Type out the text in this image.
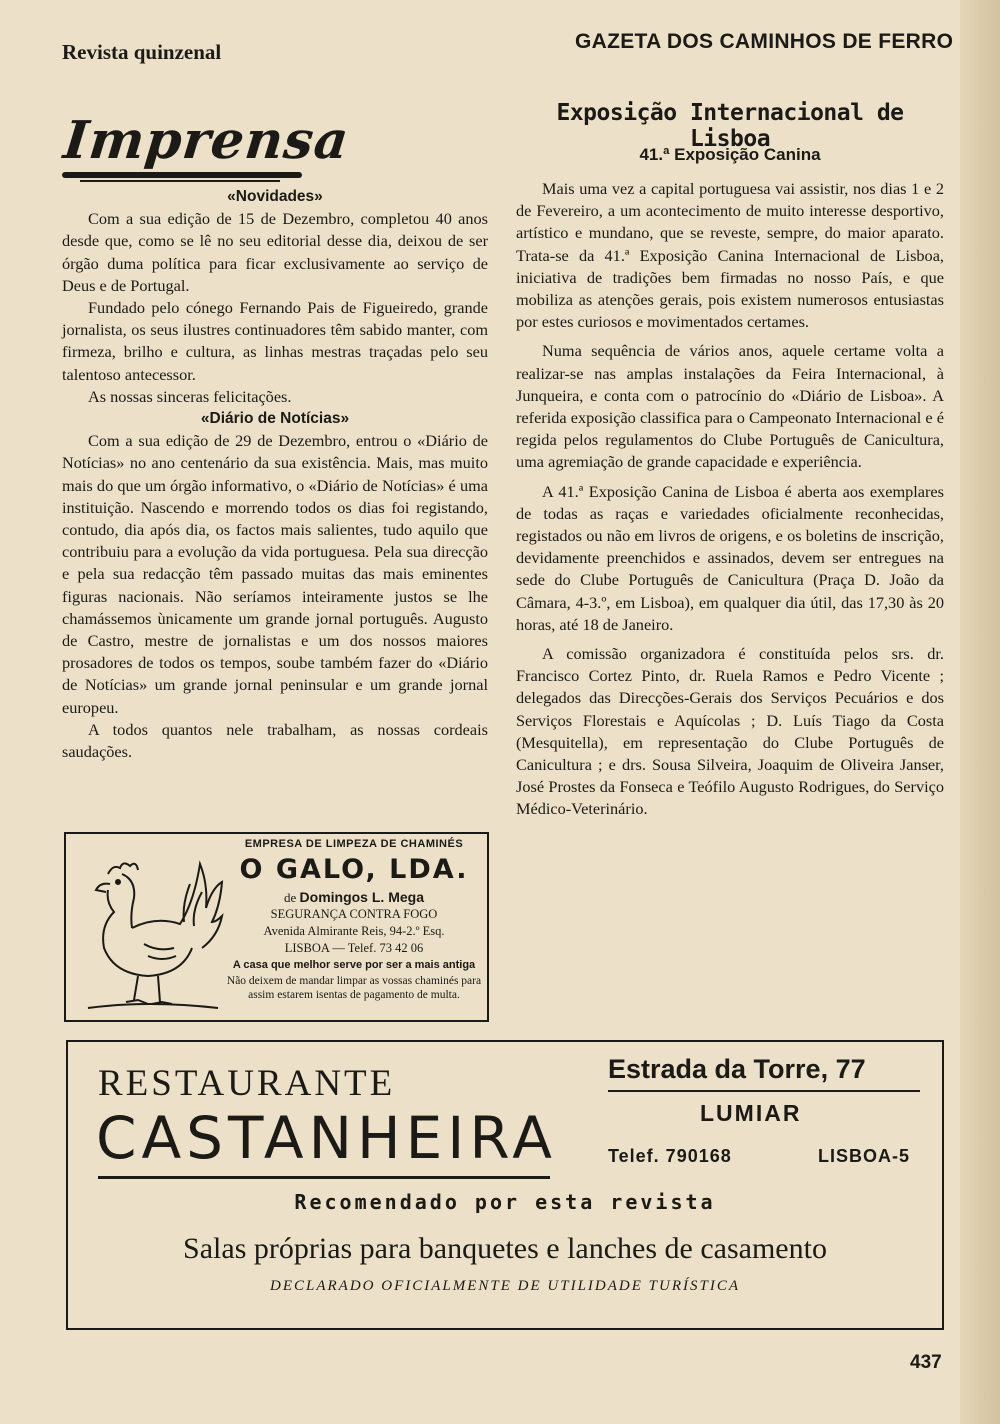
Revista quinzenal	GAZETA DOS CAMINHOS DE FERRO
Imprensa

«Novidades»

Com a sua edição de 15 de Dezembro, completou 40 anos desde que, como se lê no seu editorial desse dia, deixou de ser órgão duma política para ficar exclusivamente ao serviço de Deus e de Portugal.

Fundado pelo cónego Fernando Pais de Figueiredo, grande jornalista, os seus ilustres continuadores têm sabido manter, com firmeza, brilho e cultura, as linhas mestras traçadas pelo seu talentoso antecessor.

As nossas sinceras felicitações.

«Diário de Notícias»

Com a sua edição de 29 de Dezembro, entrou o «Diário de Notícias» no ano centenário da sua existência. Mais, mas muito mais do que um órgão informativo, o «Diário de Notícias» é uma instituição. Nascendo e morrendo todos os dias foi registando, contudo, dia após dia, os factos mais salientes, tudo aquilo que contribuiu para a evolução da vida portuguesa. Pela sua direcção e pela sua redacção têm passado muitas das mais eminentes figuras nacionais. Não seríamos inteiramente justos se lhe chamássemos ùnicamente um grande jornal português. Augusto de Castro, mestre de jornalistas e um dos nossos maiores prosadores de todos os tempos, soube também fazer do «Diário de Notícias» um grande jornal peninsular e um grande jornal europeu.

A todos quantos nele trabalham, as nossas cordeais saudações.

Exposição Internacional de Lisboa
41.ª Exposição Canina

Mais uma vez a capital portuguesa vai assistir, nos dias 1 e 2 de Fevereiro, a um acontecimento de muito interesse desportivo, artístico e mundano, que se reveste, sempre, do maior aparato. Trata-se da 41.ª Exposição Canina Internacional de Lisboa, iniciativa de tradições bem firmadas no nosso País, e que mobiliza as atenções gerais, pois existem numerosos entusiastas por estes curiosos e movimentados certames.

Numa sequência de vários anos, aquele certame volta a realizar-se nas amplas instalações da Feira Internacional, à Junqueira, e conta com o patrocínio do «Diário de Lisboa». A referida exposição classifica para o Campeonato Internacional e é regida pelos regulamentos do Clube Português de Canicultura, uma agremiação de grande capacidade e experiência.

A 41.ª Exposição Canina de Lisboa é aberta aos exemplares de todas as raças e variedades oficialmente reconhecidas, registados ou não em livros de origens, e os boletins de inscrição, devidamente preenchidos e assinados, devem ser entregues na sede do Clube Português de Canicultura (Praça D. João da Câmara, 4-3.º, em Lisboa), em qualquer dia útil, das 17,30 às 20 horas, até 18 de Janeiro.

A comissão organizadora é constituída pelos srs. dr. Francisco Cortez Pinto, dr. Ruela Ramos e Pedro Vicente ; delegados das Direcções-Gerais dos Serviços Pecuários e dos Serviços Florestais e Aquícolas ; D. Luís Tiago da Costa (Mesquitella), em representação do Clube Português de Canicultura ; e drs. Sousa Silveira, Joaquim de Oliveira Janser, José Prostes da Fonseca e Teófilo Augusto Rodrigues, do Serviço Médico-Veterinário.

EMPRESA DE LIMPEZA DE CHAMINÉS
O GALO, LDA.
de Domingos L. Mega
SEGURANÇA CONTRA FOGO
Avenida Almirante Reis, 94-2.º Esq.
LISBOA — Telef. 73 42 06
A casa que melhor serve por ser a mais antiga
Não deixem de mandar limpar as vossas chaminés para assim estarem isentas de pagamento de multa.
RESTAURANTE
CASTANHEIRA
Estrada da Torre, 77
LUMIAR
Telef. 790168	LISBOA-5
Recomendado por esta revista
Salas próprias para banquetes e lanches de casamento
DECLARADO OFICIALMENTE DE UTILIDADE TURÍSTICA
437
